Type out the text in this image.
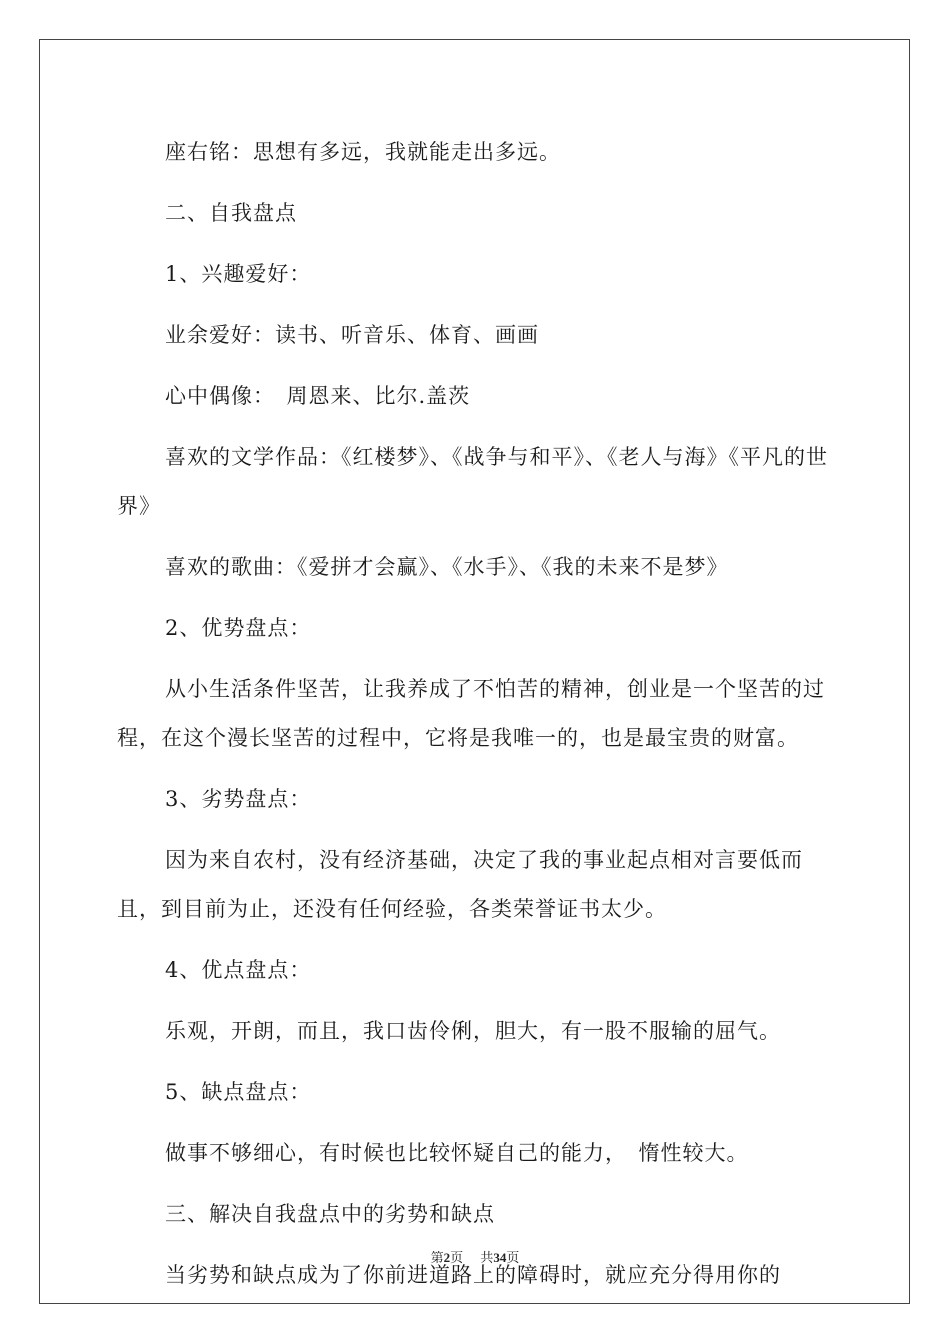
座右铭：思想有多远，我就能走出多远。

二、自我盘点

1、兴趣爱好：

业余爱好：读书、听音乐、体育、画画

心中偶像：　周恩来、比尔.盖茨

喜欢的文学作品：《红楼梦》、《战争与和平》、《老人与海》《平凡的世界》

喜欢的歌曲：《爱拼才会赢》、《水手》、《我的未来不是梦》

2、优势盘点：

从小生活条件坚苦，让我养成了不怕苦的精神，创业是一个坚苦的过程，在这个漫长坚苦的过程中，它将是我唯一的，也是最宝贵的财富。

3、劣势盘点：

因为来自农村，没有经济基础，决定了我的事业起点相对言要低而且，到目前为止，还没有任何经验，各类荣誉证书太少。

4、优点盘点：

乐观，开朗，而且，我口齿伶俐，胆大，有一股不服输的屈气。

5、缺点盘点：

做事不够细心，有时候也比较怀疑自己的能力，　惰性较大。

三、解决自我盘点中的劣势和缺点

当劣势和缺点成为了你前进道路上的障碍时，就应充分得用你的

第2页　 共34页
